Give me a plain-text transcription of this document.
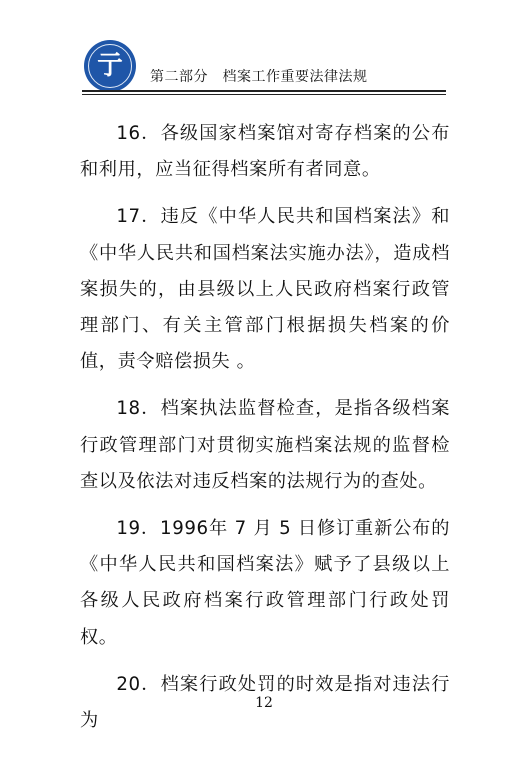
亍 第二部分　档案工作重要法律法规

16．各级国家档案馆对寄存档案的公布和利用，应当征得档案所有者同意。

17．违反《中华人民共和国档案法》和《中华人民共和国档案法实施办法》，造成档案损失的，由县级以上人民政府档案行政管理部门、有关主管部门根据损失档案的价值，责令赔偿损失 。

18．档案执法监督检查，是指各级档案行政管理部门对贯彻实施档案法规的监督检查以及依法对违反档案的法规行为的查处。

19．1996年 7 月 5 日修订重新公布的《中华人民共和国档案法》赋予了县级以上各级人民政府档案行政管理部门行政处罚权。

20．档案行政处罚的时效是指对违法行为

12
